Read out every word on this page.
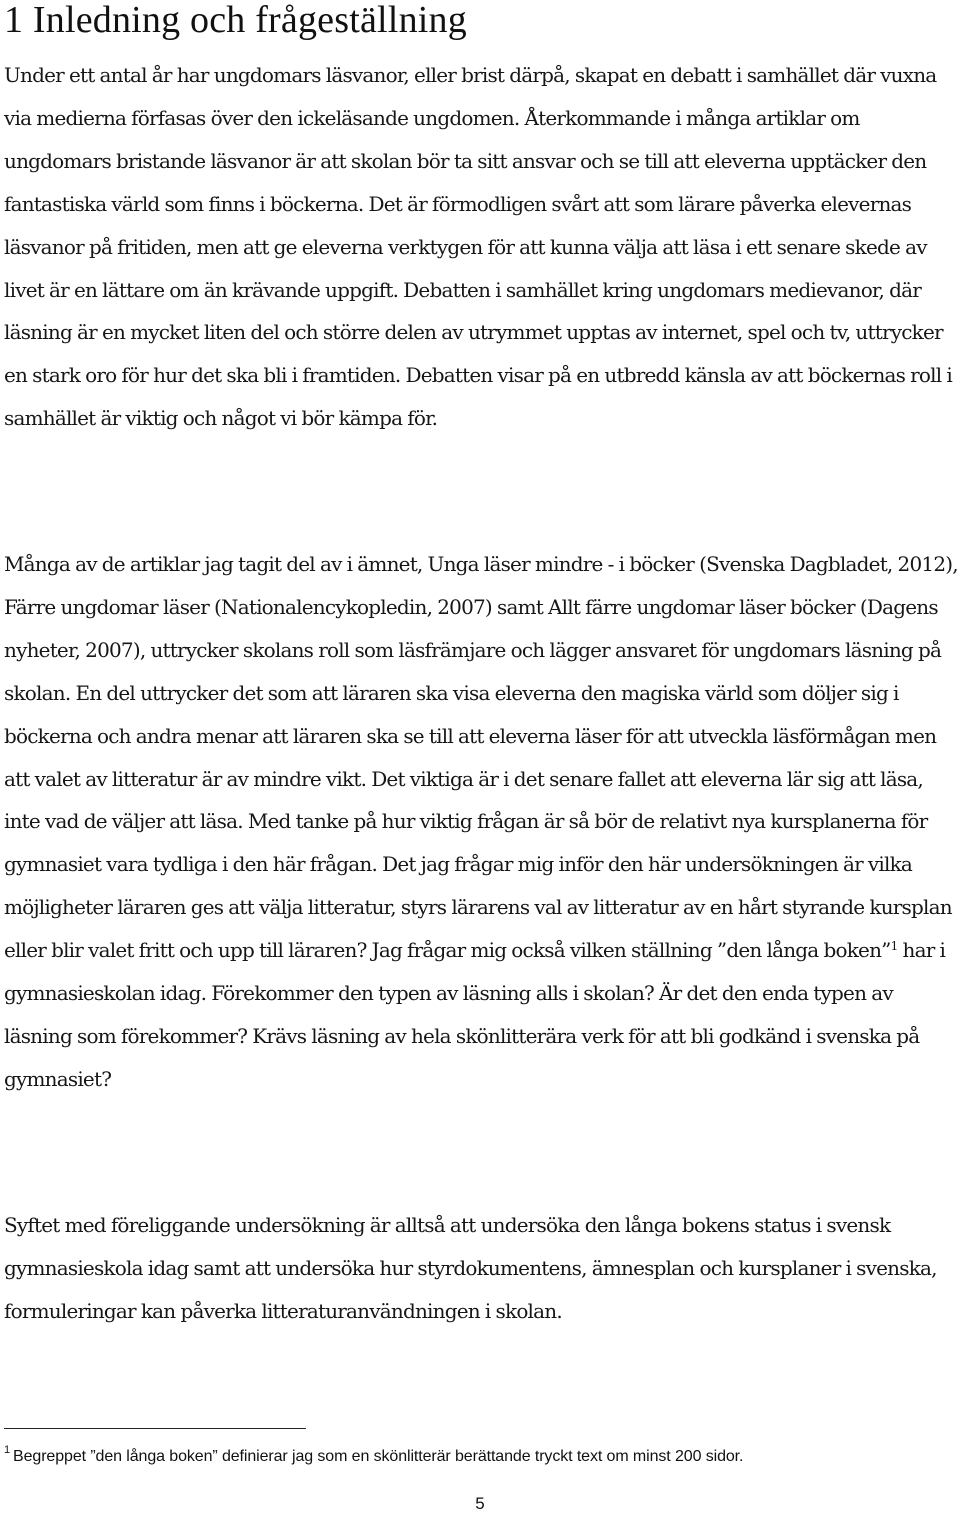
1 Inledning och frågeställning

Under ett antal år har ungdomars läsvanor, eller brist därpå, skapat en debatt i samhället där vuxna via medierna förfasas över den ickeläsande ungdomen. Återkommande i många artiklar om ungdomars bristande läsvanor är att skolan bör ta sitt ansvar och se till att eleverna upptäcker den fantastiska värld som finns i böckerna. Det är förmodligen svårt att som lärare påverka elevernas läsvanor på fritiden, men att ge eleverna verktygen för att kunna välja att läsa i ett senare skede av livet är en lättare om än krävande uppgift. Debatten i samhället kring ungdomars medievanor, där läsning är en mycket liten del och större delen av utrymmet upptas av internet, spel och tv, uttrycker en stark oro för hur det ska bli i framtiden. Debatten visar på en utbredd känsla av att böckernas roll i samhället är viktig och något vi bör kämpa för.

Många av de artiklar jag tagit del av i ämnet, Unga läser mindre - i böcker (Svenska Dagbladet, 2012), Färre ungdomar läser (Nationalencykopledin, 2007) samt Allt färre ungdomar läser böcker (Dagens nyheter, 2007), uttrycker skolans roll som läsfrämjare och lägger ansvaret för ungdomars läsning på skolan. En del uttrycker det som att läraren ska visa eleverna den magiska värld som döljer sig i böckerna och andra menar att läraren ska se till att eleverna läser för att utveckla läsförmågan men att valet av litteratur är av mindre vikt. Det viktiga är i det senare fallet att eleverna lär sig att läsa, inte vad de väljer att läsa. Med tanke på hur viktig frågan är så bör de relativt nya kursplanerna för gymnasiet vara tydliga i den här frågan. Det jag frågar mig inför den här undersökningen är vilka möjligheter läraren ges att välja litteratur, styrs lärarens val av litteratur av en hårt styrande kursplan eller blir valet fritt och upp till läraren? Jag frågar mig också vilken ställning ”den långa boken”$^1$ har i gymnasieskolan idag. Förekommer den typen av läsning alls i skolan? Är det den enda typen av läsning som förekommer? Krävs läsning av hela skönlitterära verk för att bli godkänd i svenska på gymnasiet?

Syftet med föreliggande undersökning är alltså att undersöka den långa bokens status i svensk gymnasieskola idag samt att undersöka hur styrdokumentens, ämnesplan och kursplaner i svenska, formuleringar kan påverka litteraturanvändningen i skolan.

$^1$ Begreppet ”den långa boken” definierar jag som en skönlitterär berättande tryckt text om minst 200 sidor.

5
